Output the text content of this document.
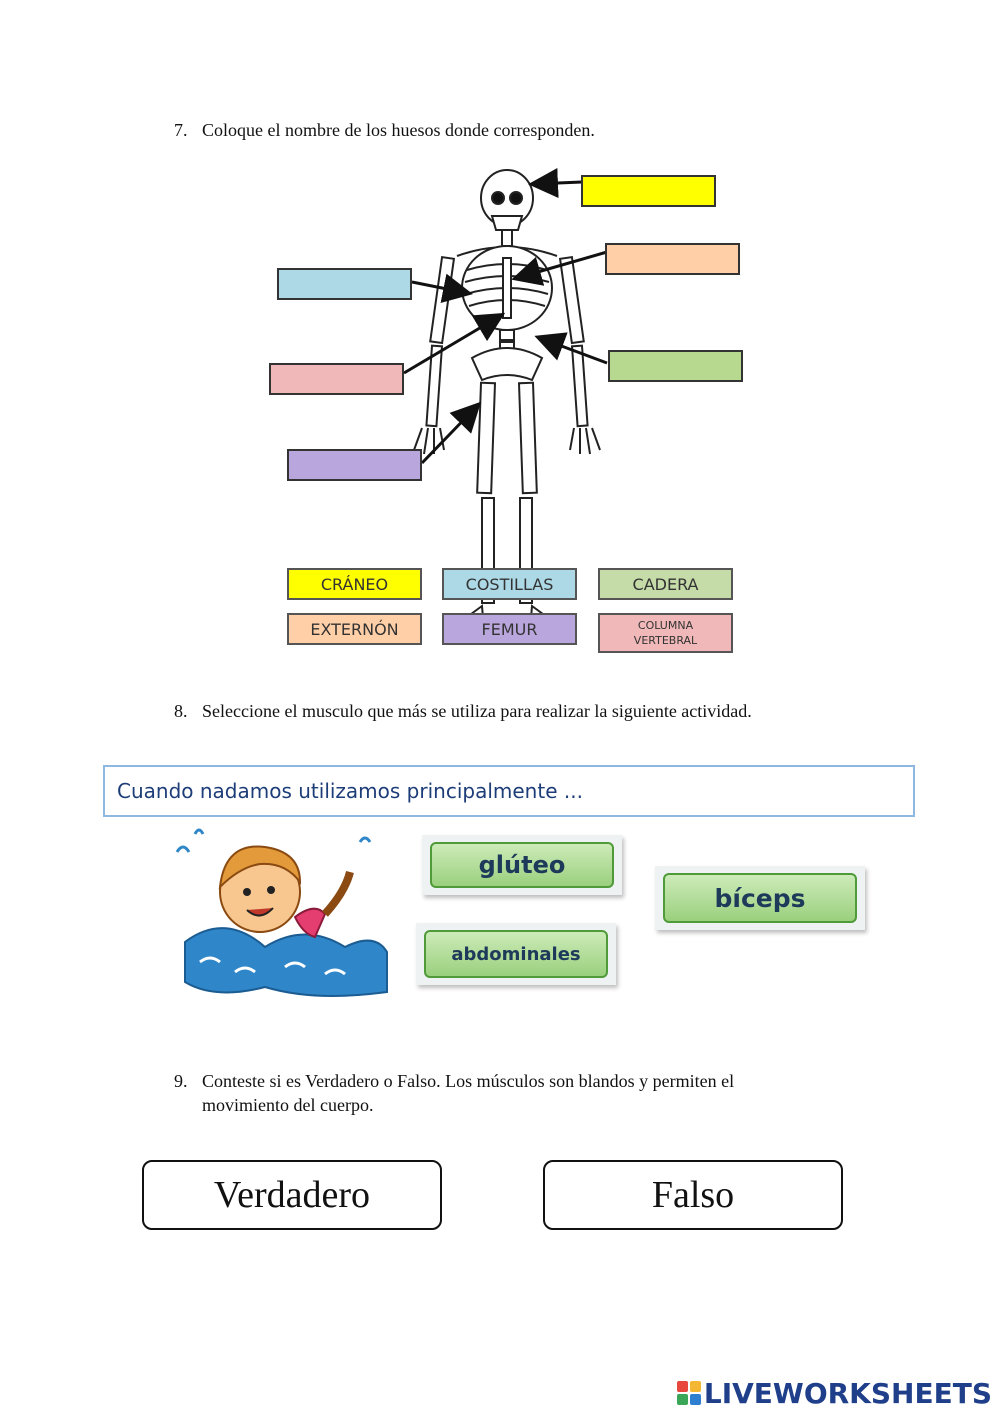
7. Coloque el nombre de los huesos donde corresponden.
CRÁNEO	COSTILLAS	CADERA
EXTERNÓN	FEMUR	COLUMNA VERTEBRAL
8. Seleccione el musculo que más se utiliza para realizar la siguiente actividad.
Cuando nadamos utilizamos principalmente ...
glúteo
bíceps
abdominales
9. Conteste si es Verdadero o Falso. Los músculos son blandos y permiten el
movimiento del cuerpo.
Verdadero	Falso
LIVEWORKSHEETS
